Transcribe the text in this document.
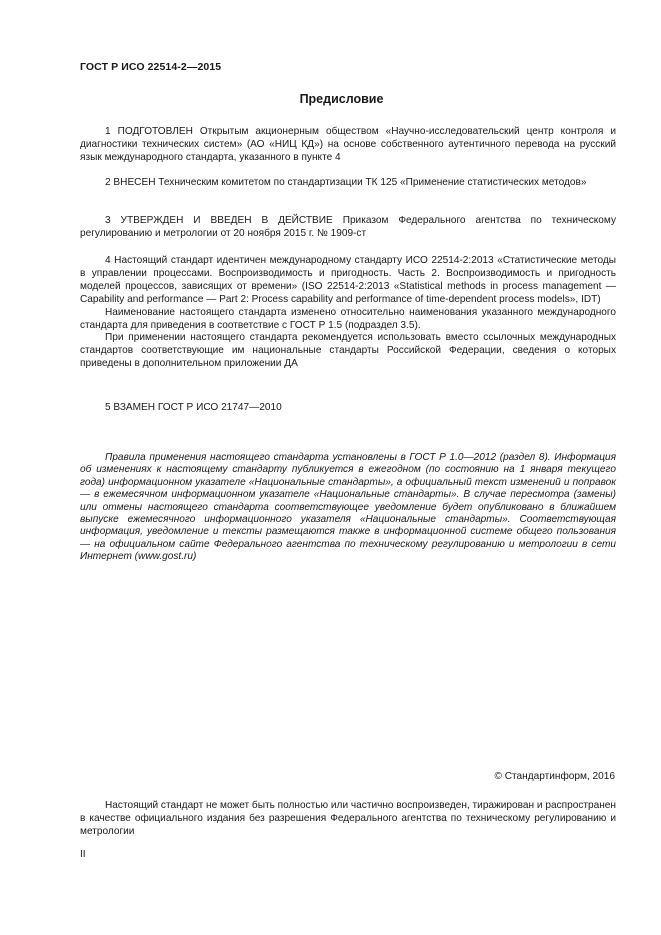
ГОСТ Р ИСО 22514-2—2015
Предисловие

1 ПОДГОТОВЛЕН Открытым акционерным обществом «Научно-исследовательский центр контроля и диагностики технических систем» (АО «НИЦ КД») на основе собственного аутентичного перевода на русский язык международного стандарта, указанного в пункте 4

2 ВНЕСЕН Техническим комитетом по стандартизации ТК 125 «Применение статистических методов»

3 УТВЕРЖДЕН И ВВЕДЕН В ДЕЙСТВИЕ Приказом Федерального агентства по техническому регулированию и метрологии от 20 ноября 2015 г. № 1909-ст

4 Настоящий стандарт идентичен международному стандарту ИСО 22514-2:2013 «Статистические методы в управлении процессами. Воспроизводимость и пригодность. Часть 2. Воспроизводимость и пригодность моделей процессов, зависящих от времени» (ISO 22514-2:2013 «Statistical methods in process management — Capability and performance — Part 2: Process capability and performance of time-dependent process models», IDT)

Наименование настоящего стандарта изменено относительно наименования указанного международного стандарта для приведения в соответствие с ГОСТ Р 1.5 (подраздел 3.5).

При применении настоящего стандарта рекомендуется использовать вместо ссылочных международных стандартов соответствующие им национальные стандарты Российской Федерации, сведения о которых приведены в дополнительном приложении ДА

5 ВЗАМЕН ГОСТ Р ИСО 21747—2010

Правила применения настоящего стандарта установлены в ГОСТ Р 1.0—2012 (раздел 8). Информация об изменениях к настоящему стандарту публикуется в ежегодном (по состоянию на 1 января текущего года) информационном указателе «Национальные стандарты», а официальный текст изменений и поправок — в ежемесячном информационном указателе «Национальные стандарты». В случае пересмотра (замены) или отмены настоящего стандарта соответствующее уведомление будет опубликовано в ближайшем выпуске ежемесячного информационного указателя «Национальные стандарты». Соответствующая информация, уведомление и тексты размещаются также в информационной системе общего пользования — на официальном сайте Федерального агентства по техническому регулированию и метрологии в сети Интернет (www.gost.ru)

© Стандартинформ, 2016

Настоящий стандарт не может быть полностью или частично воспроизведен, тиражирован и распространен в качестве официального издания без разрешения Федерального агентства по техническому регулированию и метрологии

II
